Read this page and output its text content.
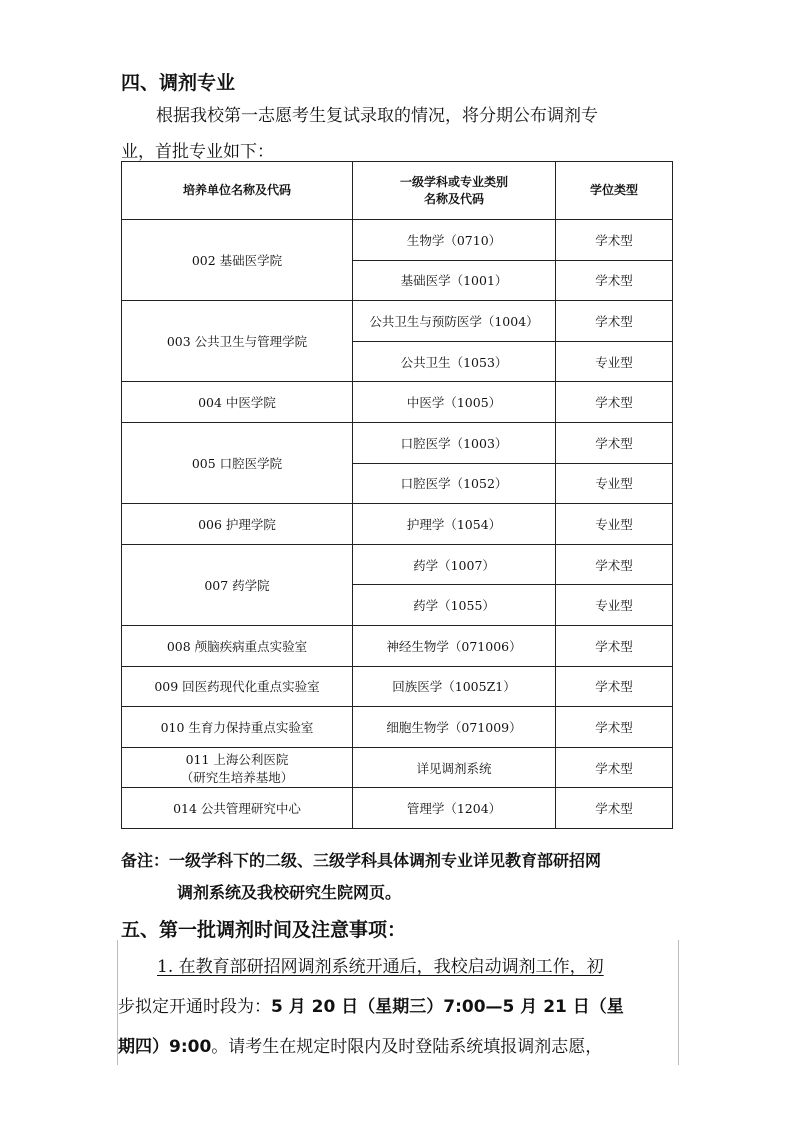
四、调剂专业
根据我校第一志愿考生复试录取的情况，将分期公布调剂专
业，首批专业如下：
培养单位名称及代码	一级学科或专业类别
名称及代码	学位类型

002 基础医学院	生物学（0710）	学术型
	基础医学（1001）	学术型

003 公共卫生与管理学院	公共卫生与预防医学（1004）	学术型
	公共卫生（1053）	专业型

004 中医学院	中医学（1005）	学术型

005 口腔医学院	口腔医学（1003）	学术型
	口腔医学（1052）	专业型

006 护理学院	护理学（1054）	专业型

007 药学院	药学（1007）	学术型
	药学（1055）	专业型

008 颅脑疾病重点实验室	神经生物学（071006）	学术型

009 回医药现代化重点实验室	回族医学（1005Z1）	学术型

010 生育力保持重点实验室	细胞生物学（071009）	学术型

011 上海公利医院
（研究生培养基地）	详见调剂系统	学术型

014 公共管理研究中心	管理学（1204）	学术型
备注：一级学科下的二级、三级学科具体调剂专业详见教育部研招网
调剂系统及我校研究生院网页。
五、第一批调剂时间及注意事项：
1. 在教育部研招网调剂系统开通后，我校启动调剂工作，初
步拟定开通时段为：5 月 20 日（星期三）7:00—5 月 21 日（星
期四）9:00。请考生在规定时限内及时登陆系统填报调剂志愿，
